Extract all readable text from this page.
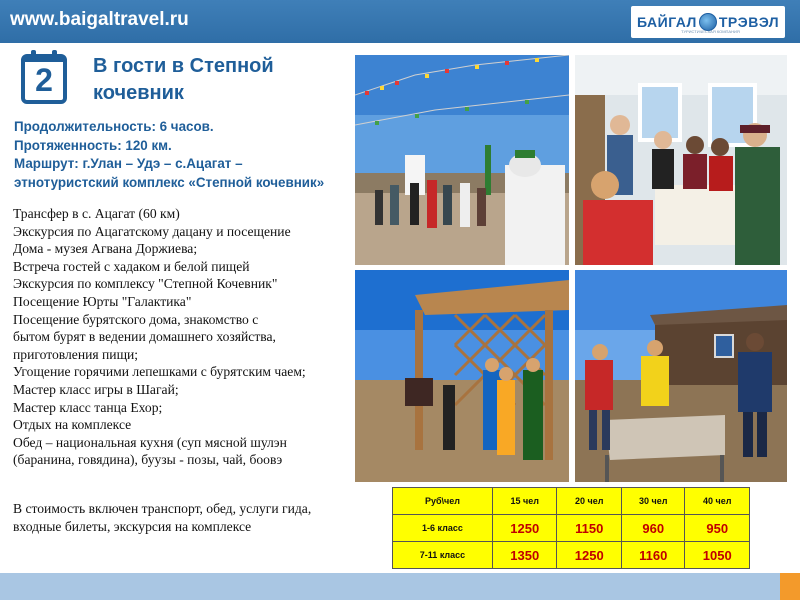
www.baigaltravel.ru	БАЙГАЛ ТРЭВЭЛ
ТУРИСТИЧЕСКАЯ КОМПАНИЯ
2	В гости в Степной
кочевник
Продолжительность: 6 часов.
Протяженность: 120 км.
Маршрут: г.Улан – Удэ – с.Ацагат –
этнотуристский комплекс «Степной кочевник»
Трансфер в с. Ацагат (60 км)
Экскурсия по Ацагатскому дацану и посещение
Дома - музея Агвана Доржиева;
Встреча гостей с хадаком и белой пищей
Экскурсия по комплексу "Степной Кочевник"
Посещение Юрты "Галактика"
Посещение бурятского дома, знакомство с
бытом бурят в ведении домашнего хозяйства,
приготовления пищи;
Угощение горячими лепешками с бурятским чаем;
Мастер класс игры в Шагай;
Мастер класс танца Ехор;
Отдых на комплексе
Обед – национальная кухня (суп мясной шулэн
(баранина, говядина), буузы - позы, чай, боовэ
В стоимость включен транспорт, обед, услуги гида,
входные билеты, экскурсия на комплексе
Руб\чел	15 чел	20 чел	30 чел	40 чел
1-6 класс	1250	1150	960	950
7-11 класс	1350	1250	1160	1050
